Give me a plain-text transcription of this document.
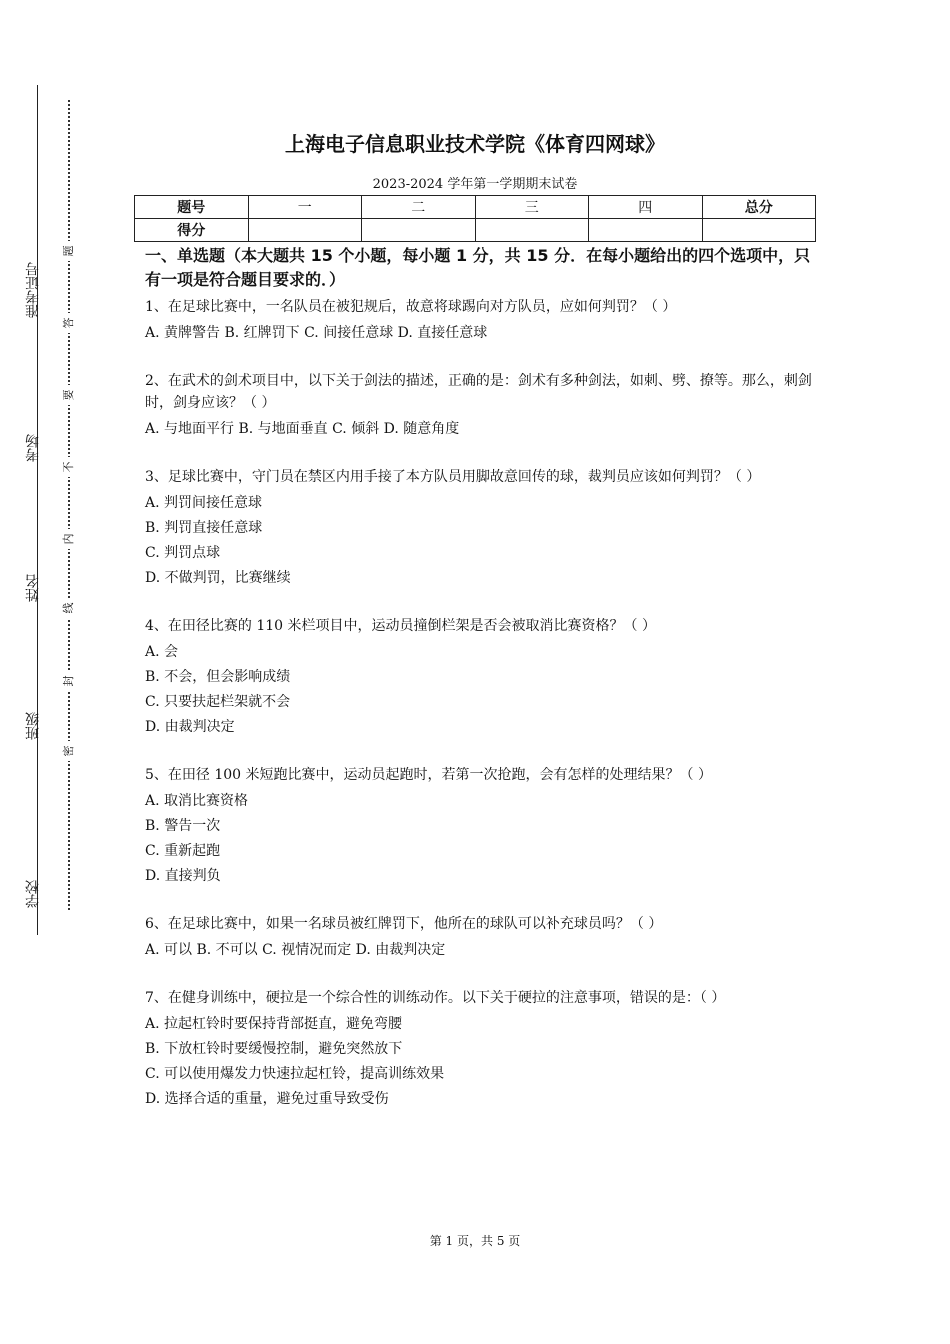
学校
班级
姓名
考场
准考证号
密
封
线
内
不
要
答
题
上海电子信息职业技术学院《体育四网球》
2023-2024 学年第一学期期末试卷
题号	一	二	三	四	总分
得分					
一、单选题（本大题共 15 个小题，每小题 1 分，共 15 分．在每小题给出的四个选项中，只有一项是符合题目要求的．）
1、在足球比赛中，一名队员在被犯规后，故意将球踢向对方队员，应如何判罚？（ ）
A. 黄牌警告 B. 红牌罚下 C. 间接任意球 D. 直接任意球
2、在武术的剑术项目中，以下关于剑法的描述，正确的是：剑术有多种剑法，如刺、劈、撩等。那么，刺剑时，剑身应该？（ ）
A. 与地面平行 B. 与地面垂直 C. 倾斜 D. 随意角度
3、足球比赛中，守门员在禁区内用手接了本方队员用脚故意回传的球，裁判员应该如何判罚？（ ）
A. 判罚间接任意球
B. 判罚直接任意球
C. 判罚点球
D. 不做判罚，比赛继续
4、在田径比赛的 110 米栏项目中，运动员撞倒栏架是否会被取消比赛资格？（ ）
A. 会
B. 不会，但会影响成绩
C. 只要扶起栏架就不会
D. 由裁判决定
5、在田径 100 米短跑比赛中，运动员起跑时，若第一次抢跑，会有怎样的处理结果？（ ）
A. 取消比赛资格
B. 警告一次
C. 重新起跑
D. 直接判负
6、在足球比赛中，如果一名球员被红牌罚下，他所在的球队可以补充球员吗？（ ）
A. 可以 B. 不可以 C. 视情况而定 D. 由裁判决定
7、在健身训练中，硬拉是一个综合性的训练动作。以下关于硬拉的注意事项，错误的是：（ ）
A. 拉起杠铃时要保持背部挺直，避免弯腰
B. 下放杠铃时要缓慢控制，避免突然放下
C. 可以使用爆发力快速拉起杠铃，提高训练效果
D. 选择合适的重量，避免过重导致受伤
第 1 页，共 5 页
